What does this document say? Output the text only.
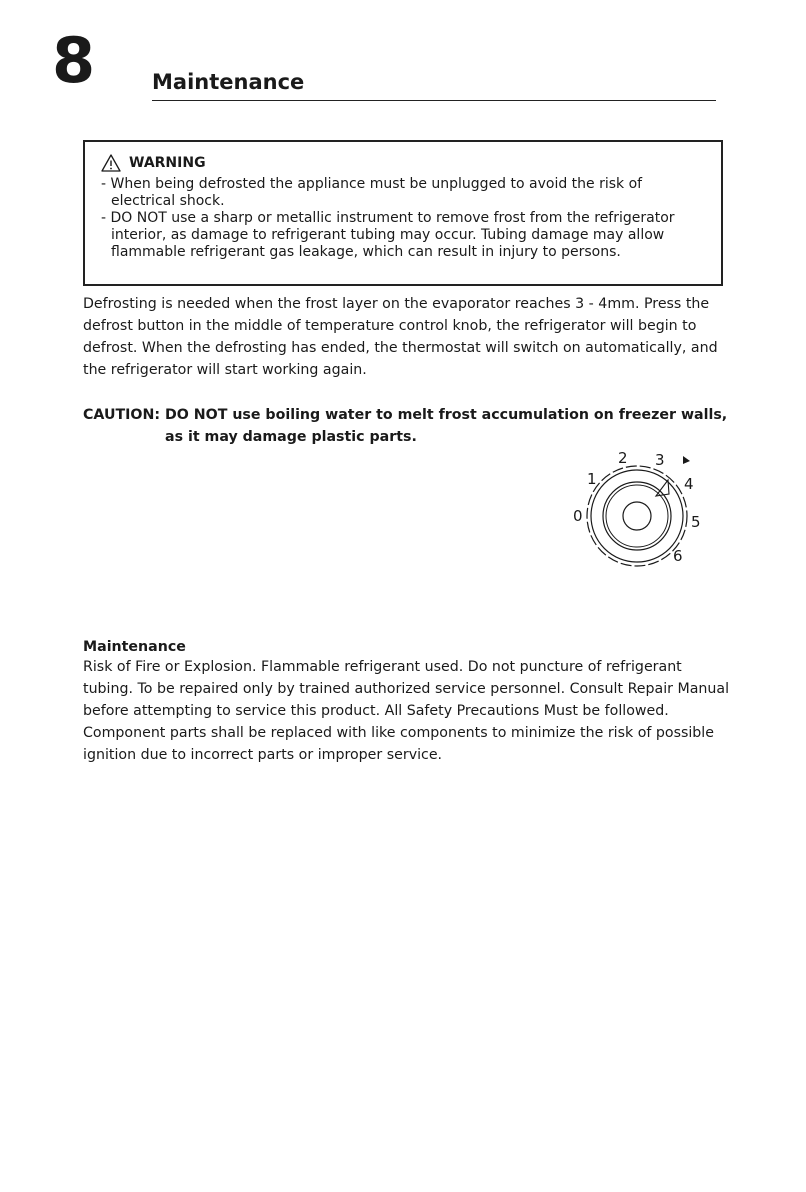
8	Maintenance
WARNING
- When being defrosted the appliance must be unplugged to avoid the risk of electrical shock.
- DO NOT use a sharp or metallic instrument to remove frost from the refrigerator interior, as damage to refrigerant tubing may occur. Tubing damage may allow flammable refrigerant gas leakage, which can result in injury to persons.
Defrosting is needed when the frost layer on the evaporator reaches 3 - 4mm. Press the defrost button in the middle of temperature control knob, the refrigerator will begin to defrost. When the defrosting has ended, the thermostat will switch on automatically, and the refrigerator will start working again.
CAUTION: DO NOT use boiling water to melt frost accumulation on freezer walls,
as it may damage plastic parts.
0
1
2 3
4
5
6
Maintenance
Risk of Fire or Explosion. Flammable refrigerant used. Do not puncture of refrigerant tubing. To be repaired only by trained authorized service personnel. Consult Repair Manual before attempting to service this product. All Safety Precautions Must be followed. Component parts shall be replaced with like components to minimize the risk of possible ignition due to incorrect parts or improper service.
